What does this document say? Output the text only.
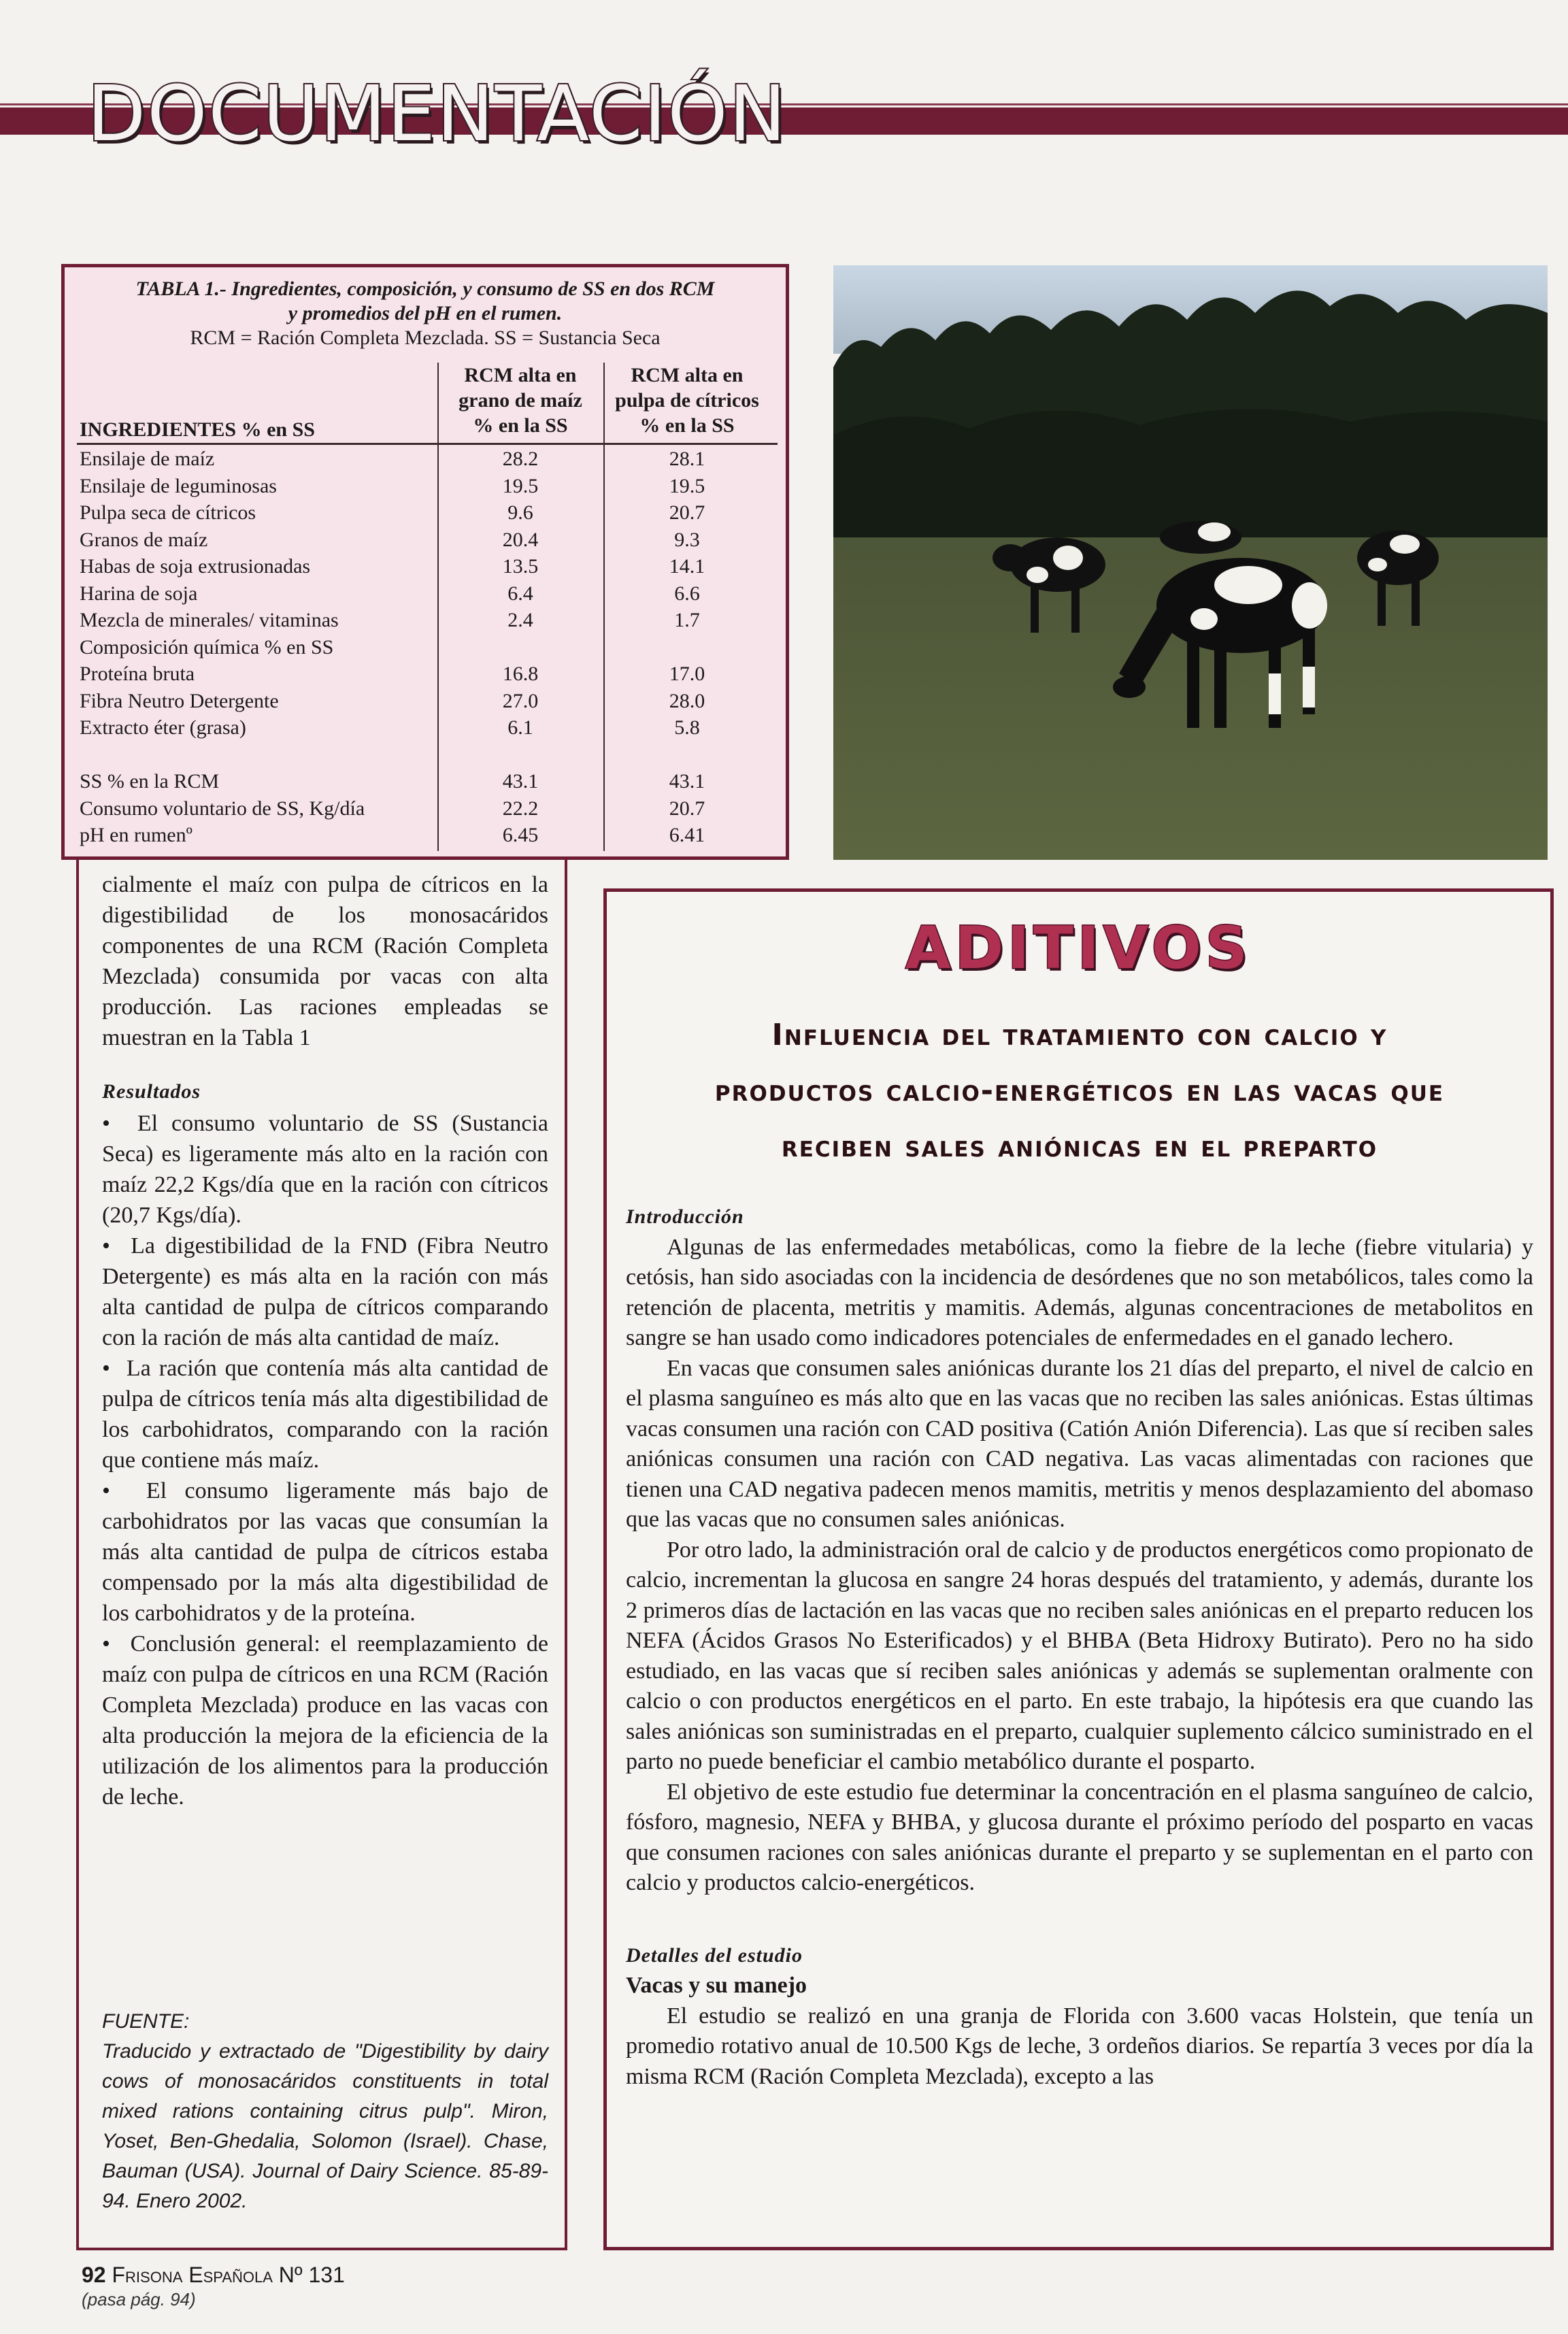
DOCUMENTACIÓN
TABLA 1.- Ingredientes, composición, y consumo de SS en dos RCM
y promedios del pH en el rumen.
RCM = Ración Completa Mezclada. SS = Sustancia Seca
RCM alta en
grano de maíz
% en la SS
RCM alta en
pulpa de cítricos
% en la SS
INGREDIENTES % en SS
Ensilaje de maíz
Ensilaje de leguminosas
Pulpa seca de cítricos
Granos de maíz
Habas de soja extrusionadas
Harina de soja
Mezcla de minerales/ vitaminas
Composición química % en SS
Proteína bruta
Fibra Neutro Detergente
Extracto éter (grasa)
SS % en la RCM
Consumo voluntario de SS, Kg/día
pH en rumenº
28.2
19.5
9.6
20.4
13.5
6.4
2.4
16.8
27.0
6.1
43.1
22.2
6.45
28.1
19.5
20.7
9.3
14.1
6.6
1.7
17.0
28.0
5.8
43.1
20.7
6.41

cialmente el maíz con pulpa de cítricos en la digestibilidad de los monosacáridos componentes de una RCM (Ración Completa Mezclada) consumida por vacas con alta producción. Las raciones empleadas se muestran en la Tabla 1

Resultados

•  El consumo voluntario de SS (Sustancia Seca) es ligeramente más alto en la ración con maíz 22,2 Kgs/día que en la ración con cítricos (20,7 Kgs/día).

•  La digestibilidad de la FND (Fibra Neutro Detergente) es más alta en la ración con más alta cantidad de pulpa de cítricos comparando con la ración de más alta cantidad de maíz.

•  La ración que contenía más alta cantidad de pulpa de cítricos tenía más alta digestibilidad de los carbohidratos, comparando con la ración que contiene más maíz.

•  El consumo ligeramente más bajo de carbohidratos por las vacas que consumían la más alta cantidad de pulpa de cítricos estaba compensado por la más alta digestibilidad de los carbohidratos y de la proteína.

•  Conclusión general: el reemplazamiento de maíz con pulpa de cítricos en una RCM (Ración Completa Mezclada) produce en las vacas con alta producción la mejora de la eficiencia de la utilización de los alimentos para la producción de leche.

FUENTE:

Traducido y extractado de "Digestibility by dairy cows of monosacáridos constituents in total mixed rations containing citrus pulp". Miron, Yoset, Ben-Ghedalia, Solomon (Israel). Chase, Bauman (USA). Journal of Dairy Science. 85-89-94. Enero 2002.

ADITIVOS
Influencia del tratamiento con calcio y
productos calcio-energéticos en las vacas que
reciben sales aniónicas en el preparto

Introducción

Algunas de las enfermedades metabólicas, como la fiebre de la leche (fiebre vitularia) y cetósis, han sido asociadas con la incidencia de desórdenes que no son metabólicos, tales como la retención de placenta, metritis y mamitis. Además, algunas concentraciones de metabolitos en sangre se han usado como indicadores potenciales de enfermedades en el ganado lechero.

En vacas que consumen sales aniónicas durante los 21 días del preparto, el nivel de calcio en el plasma sanguíneo es más alto que en las vacas que no reciben las sales aniónicas. Estas últimas vacas consumen una ración con CAD positiva (Catión Anión Diferencia). Las que sí reciben sales aniónicas consumen una ración con CAD negativa. Las vacas alimentadas con raciones que tienen una CAD negativa padecen menos mamitis, metritis y menos desplazamiento del abomaso que las vacas que no consumen sales aniónicas.

Por otro lado, la administración oral de calcio y de productos energéticos como propionato de calcio, incrementan la glucosa en sangre 24 horas después del tratamiento, y además, durante los 2 primeros días de lactación en las vacas que no reciben sales aniónicas en el preparto reducen los NEFA (Ácidos Grasos No Esterificados) y el BHBA (Beta Hidroxy Butirato). Pero no ha sido estudiado, en las vacas que sí reciben sales aniónicas y además se suplementan oralmente con calcio o con productos energéticos en el parto. En este trabajo, la hipótesis era que cuando las sales aniónicas son suministradas en el preparto, cualquier suplemento cálcico suministrado en el parto no puede beneficiar el cambio metabólico durante el posparto.

El objetivo de este estudio fue determinar la concentración en el plasma sanguíneo de calcio, fósforo, magnesio, NEFA y BHBA, y glucosa durante el próximo período del posparto en vacas que consumen raciones con sales aniónicas durante el preparto y se suplementan en el parto con calcio y productos calcio-energéticos.

Detalles del estudio

Vacas y su manejo

El estudio se realizó en una granja de Florida con 3.600 vacas Holstein, que tenía un promedio rotativo anual de 10.500 Kgs de leche, 3 ordeños diarios. Se repartía 3 veces por día la misma RCM (Ración Completa Mezclada), excepto a las

92 Frisona Española Nº 131
(pasa pág. 94)
